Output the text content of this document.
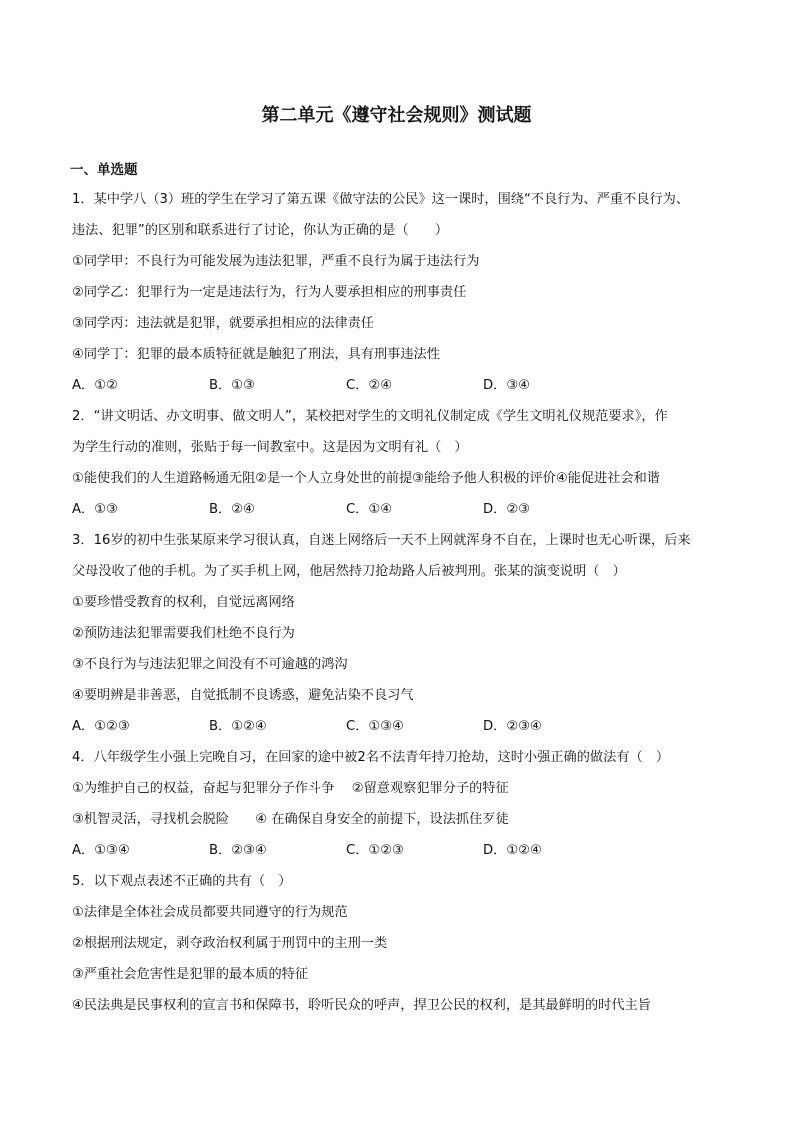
第二单元《遵守社会规则》测试题
一、单选题
1．某中学八（3）班的学生在学习了第五课《做守法的公民》这一课时，围绕“不良行为、严重不良行为、
违法、犯罪”的区别和联系进行了讨论，你认为正确的是（　　）
①同学甲：不良行为可能发展为违法犯罪，严重不良行为属于违法行为
②同学乙：犯罪行为一定是违法行为，行为人要承担相应的刑事责任
③同学丙：违法就是犯罪，就要承担相应的法律责任
④同学丁：犯罪的最本质特征就是触犯了刑法，具有刑事违法性
A．①②	B．①③	C．②④	D．③④
2．“讲文明话、办文明事、做文明人”，某校把对学生的文明礼仪制定成《学生文明礼仪规范要求》，作
为学生行动的准则，张贴于每一间教室中。这是因为文明有礼（　）
①能使我们的人生道路畅通无阻②是一个人立身处世的前提③能给予他人积极的评价④能促进社会和谐
A．①③	B．②④	C．①④	D．②③
3．16岁的初中生张某原来学习很认真，自迷上网络后一天不上网就浑身不自在，上课时也无心听课，后来
父母没收了他的手机。为了买手机上网，他居然持刀抢劫路人后被判刑。张某的演变说明（　）
①要珍惜受教育的权利，自觉远离网络
②预防违法犯罪需要我们杜绝不良行为
③不良行为与违法犯罪之间没有不可逾越的鸿沟
④要明辨是非善恶，自觉抵制不良诱惑，避免沾染不良习气
A．①②③	B．①②④	C．①③④	D．②③④
4．八年级学生小强上完晚自习，在回家的途中被2名不法青年持刀抢劫，这时小强正确的做法有（　）
①为维护自己的权益，奋起与犯罪分子作斗争　 ②留意观察犯罪分子的特征
③机智灵活，寻找机会脱险　　④ 在确保自身安全的前提下，设法抓住歹徒
A．①③④	B．②③④	C．①②③	D．①②④
5．以下观点表述不正确的共有（　）
①法律是全体社会成员都要共同遵守的行为规范
②根据刑法规定，剥夺政治权利属于刑罚中的主刑一类
③严重社会危害性是犯罪的最本质的特征
④民法典是民事权利的宣言书和保障书，聆听民众的呼声，捍卫公民的权利，是其最鲜明的时代主旨
